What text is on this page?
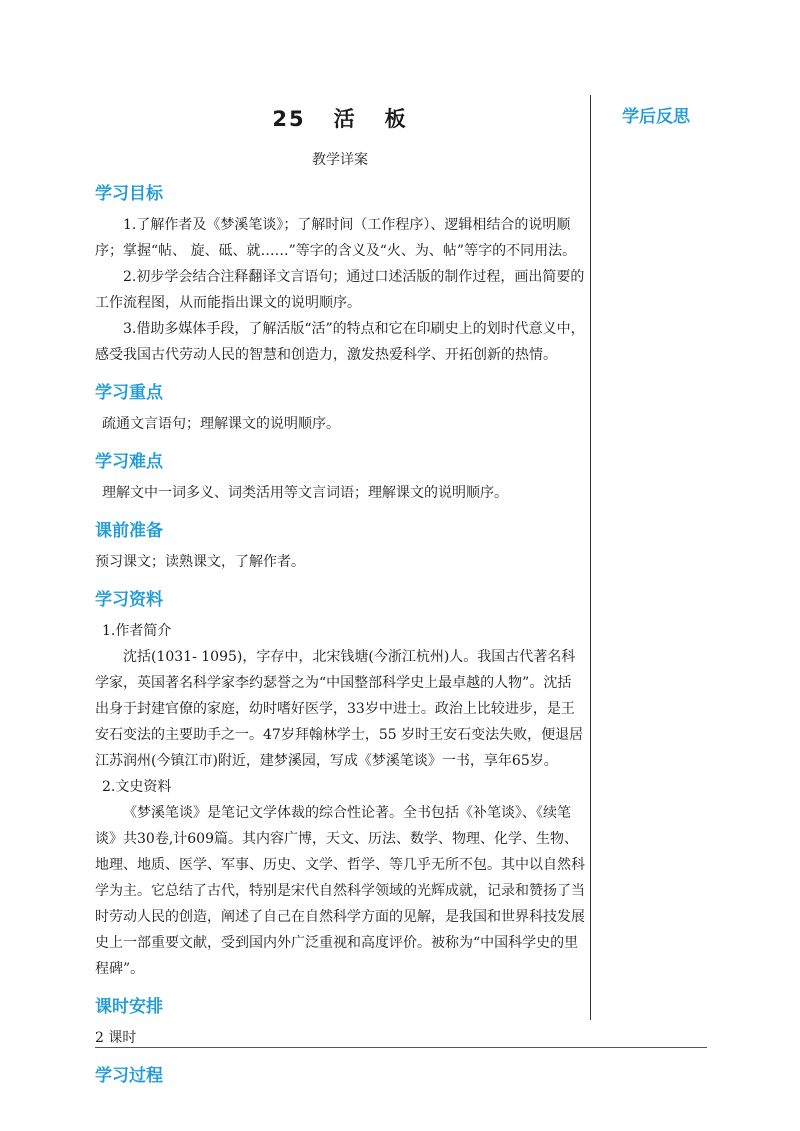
25 活 板
教学详案
学习目标

1.了解作者及《梦溪笔谈》；了解时间（工作程序）、逻辑相结合的说明顺序；掌握“帖、 旋、砥、就……”等字的含义及“火、为、帖”等字的不同用法。

2.初步学会结合注释翻译文言语句；通过口述活版的制作过程，画出简要的工作流程图，从而能指出课文的说明顺序。

3.借助多媒体手段，了解活版“活”的特点和它在印刷史上的划时代意义中，感受我国古代劳动人民的智慧和创造力，激发热爱科学、开拓创新的热情。

学习重点

疏通文言语句；理解课文的说明顺序。

学习难点

理解文中一词多义、词类活用等文言词语；理解课文的说明顺序。

课前准备

预习课文；读熟课文，了解作者。

学习资料

1.作者简介

沈括(1031- 1095)，字存中，北宋钱塘(今浙江杭州)人。我国古代著名科学家，英国著名科学家李约瑟誉之为“中国整部科学史上最卓越的人物”。沈括出身于封建官僚的家庭，幼时嗜好医学，33岁中进士。政治上比较进步，是王安石变法的主要助手之一。47岁拜翰林学士，55 岁时王安石变法失败，便退居江苏润州(今镇江市)附近，建梦溪园，写成《梦溪笔谈》一书，享年65岁。

2.文史资料

《梦溪笔谈》是笔记文学体裁的综合性论著。全书包括《补笔谈》、《续笔谈》共30卷,计609篇。其内容广博，天文、历法、数学、物理、化学、生物、地理、地质、医学、军事、历史、文学、哲学、等几乎无所不包。其中以自然科学为主。它总结了古代，特别是宋代自然科学领域的光辉成就，记录和赞扬了当时劳动人民的创造，阐述了自己在自然科学方面的见解，是我国和世界科技发展史上一部重要文献，受到国内外广泛重视和高度评价。被称为“中国科学史的里程碑”。

课时安排

2 课时

学习过程
学后反思
